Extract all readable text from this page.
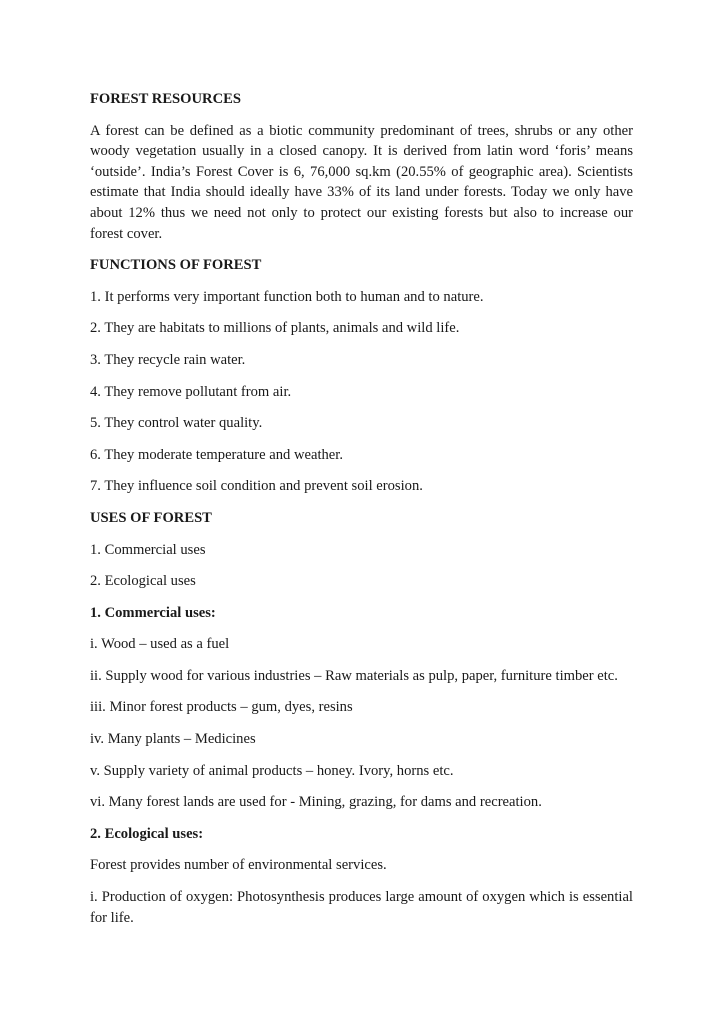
FOREST RESOURCES
A forest can be defined as a biotic community predominant of trees, shrubs or any other woody vegetation usually in a closed canopy. It is derived from latin word ‘foris’ means ‘outside’. India’s Forest Cover is 6, 76,000 sq.km (20.55% of geographic area). Scientists estimate that India should ideally have 33% of its land under forests. Today we only have about 12% thus we need not only to protect our existing forests but also to increase our forest cover.
FUNCTIONS OF FOREST
1. It performs very important function both to human and to nature.
2. They are habitats to millions of plants, animals and wild life.
3. They recycle rain water.
4. They remove pollutant from air.
5. They control water quality.
6. They moderate temperature and weather.
7. They influence soil condition and prevent soil erosion.
USES OF FOREST
1. Commercial uses
2. Ecological uses
1. Commercial uses:
i. Wood – used as a fuel
ii. Supply wood for various industries – Raw materials as pulp, paper, furniture timber etc.
iii. Minor forest products – gum, dyes, resins
iv. Many plants – Medicines
v. Supply variety of animal products – honey. Ivory, horns etc.
vi. Many forest lands are used for - Mining, grazing, for dams and recreation.
2. Ecological uses:
Forest provides number of environmental services.
i. Production of oxygen: Photosynthesis produces large amount of oxygen which is essential for life.
